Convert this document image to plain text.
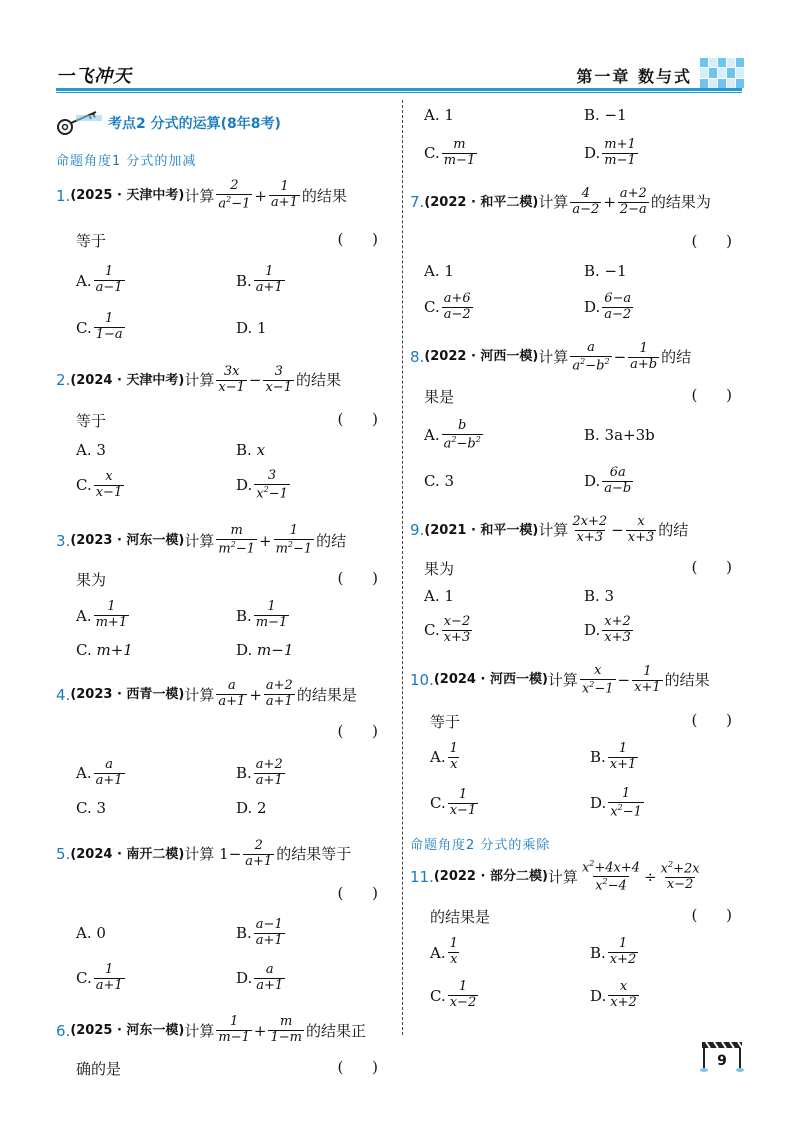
一飞冲天	第一章 数与式
考点2 分式的运算(8年8考)
命题角度1 分式的加减
1. (2025 · 天津中考) 计算 $\frac{2}{a^2-1} + \frac{1}{a+1}$ 的结果
等于	( )
A. $\frac{1}{a-1}$	B. $\frac{1}{a+1}$
C. $\frac{1}{1-a}$	D. 1
2. (2024 · 天津中考) 计算 $\frac{3x}{x-1} - \frac{3}{x-1}$ 的结果
等于	( )
A. 3	B. x
C. $\frac{x}{x-1}$	D. $\frac{3}{x^2-1}$
3. (2023 · 河东一模) 计算 $\frac{m}{m^2-1} + \frac{1}{m^2-1}$ 的结
果为	( )
A. $\frac{1}{m+1}$	B. $\frac{1}{m-1}$
C. m+1	D. m−1
4. (2023 · 西青一模) 计算 $\frac{a}{a+1} + \frac{a+2}{a+1}$ 的结果是
( )
A. $\frac{a}{a+1}$	B. $\frac{a+2}{a+1}$
C. 3	D. 2
5. (2024 · 南开二模) 计算 $1- \frac{2}{a+1}$ 的结果等于
( )
A. 0	B. $\frac{a-1}{a+1}$
C. $\frac{1}{a+1}$	D. $\frac{a}{a+1}$
6. (2025 · 河东一模) 计算 $\frac{1}{m-1} + \frac{m}{1-m}$ 的结果正
确的是	( )
A. 1	B. −1
C. $\frac{m}{m-1}$	D. $\frac{m+1}{m-1}$
7. (2022 · 和平二模) 计算 $\frac{4}{a-2} + \frac{a+2}{2-a}$ 的结果为
( )
A. 1	B. −1
C. $\frac{a+6}{a-2}$	D. $\frac{6-a}{a-2}$
8. (2022 · 河西一模) 计算 $\frac{a}{a^2-b^2} - \frac{1}{a+b}$ 的结
果是	( )
A. $\frac{b}{a^2-b^2}$	B. 3a+3b
C. 3	D. $\frac{6a}{a-b}$
9. (2021 · 和平一模) 计算 $\frac{2x+2}{x+3} - \frac{x}{x+3}$ 的结
果为	( )
A. 1	B. 3
C. $\frac{x-2}{x+3}$	D. $\frac{x+2}{x+3}$
10. (2024 · 河西一模) 计算 $\frac{x}{x^2-1} - \frac{1}{x+1}$ 的结果
等于	( )
A. $\frac{1}{x}$	B. $\frac{1}{x+1}$
C. $\frac{1}{x-1}$	D. $\frac{1}{x^2-1}$
命题角度2 分式的乘除
11. (2022 · 部分二模) 计算 $\frac{x^2+4x+4}{x^2-4} \div \frac{x^2+2x}{x-2}$
的结果是	( )
A. $\frac{1}{x}$	B. $\frac{1}{x+2}$
C. $\frac{1}{x-2}$	D. $\frac{x}{x+2}$
9
